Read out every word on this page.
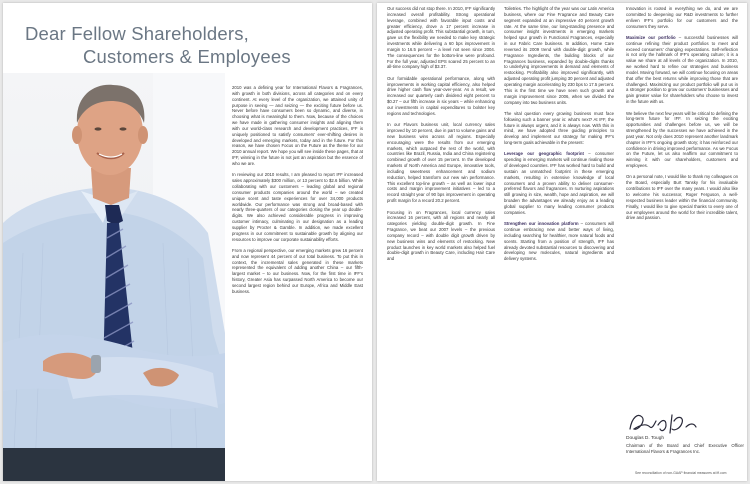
Dear Fellow Shareholders,
Customers & Employees

2010 was a defining year for International Flavors & Fragrances, with growth in both divisions, across all categories and on every continent. At every level of the organization, we attained unity of purpose in seeing — and seizing — the exciting future before us. Never before have consumers been so dynamic, and diverse, in choosing what is meaningful to them. Now, because of the choices we have made in gathering consumer insights and aligning them with our world-class research and development practices, IFF is uniquely positioned to satisfy consumers' ever-shifting desires in developed and emerging markets, today and in the future. For this reason, we have chosen Focus on the Future as the theme for our 2010 annual report. We hope you will see inside these pages, that at IFF, winning in the future is not just an aspiration but the essence of who we are.

In reviewing our 2010 results, I am pleased to report IFF increased sales approximately $300 million, or 13 percent to $2.6 billion. While collaborating with our customers – leading global and regional consumer products companies around the world – we created unique scent and taste experiences for over 34,000 products worldwide. Our performance was strong and broad-based with nearly three-quarters of our categories closing the year up double-digits. We also achieved considerable progress in improving customer intimacy, culminating in our designation as a leading supplier by Procter & Gamble. In addition, we made excellent progress in our commitment to sustainable growth by aligning our resources to improve our corporate sustainability efforts.

From a regional perspective, our emerging markets grew 16 percent and now represent 44 percent of our total business. To put this in context, the incremental sales generated in these markets represented the equivalent of adding another China – our fifth-largest market – to our business. Now, for the first time in IFF's history, Greater Asia has surpassed North America to become our second largest region behind our Europe, Africa and Middle East business.

Our success did not stop there. In 2010, IFF significantly increased overall profitability. Strong operational leverage, combined with favorable input costs and greater efficiency, drove a 17 percent increase in adjusted operating profit. This substantial growth, in turn, gave us the flexibility we needed to make key strategic investments while delivering a 60 bps improvement in margin to 16.5 percent – a level not seen since 2004. The consequences for the bottom-line were profound. For the full year, adjusted EPS soared 25 percent to an all-time company high of $3.37.

Our formidable operational performance, along with improvements in working capital efficiency, also helped drive higher cash flow year-over-year. As a result, we increased our quarterly cash dividend eight percent to $0.27 – our fifth increase in six years – while enhancing our investments in capital expenditures to bolster key regions and technologies.

In our Flavors business unit, local currency sales improved by 10 percent, due in part to volume gains and new business wins across all regions. Especially encouraging were the results from our emerging markets, which outpaced the rest of the world, with countries like Brazil, Russia, India and China registering combined growth of over 15 percent. In the developed markets of North America and Europe, innovative tools, including sweetness enhancement and sodium reduction, helped transform our new win performance. This excellent top-line growth – as well as lower input costs and margin improvement initiatives – led to a record straight year of 90 bps improvement in operating profit margin for a record 20.2 percent.

Focusing in on Fragrances, local currency sales increased 16 percent, with all regions and nearly all categories yielding double-digit growth. In Fine Fragrance, we beat our 2007 levels – the previous company record – with double digit growth driven by new business wins and elements of restocking. New product launches in key world markets also helped fuel double-digit growth in Beauty Care, including Hair Care and

Toiletries. The highlight of the year was our Latin America business, where our Fine Fragrance and Beauty Care segment expanded at an impressive 40 percent growth rate. At the same time, our long-standing presence and consumer insight investments in emerging markets helped spur growth in Functional Fragrances, especially in our Fabric Care business. In addition, Home Care reversed its 2009 trend with double-digit growth, while Fragrance Ingredients, the building blocks of our Fragrances business, expanded by double-digits thanks to underlying improvements in demand and elements of restocking. Profitability also improved significantly, with adjusted operating profit jumping 30 percent and adjusted operating margin accelerating by 230 bps to 17.5 percent. This is the first time we have seen such growth and margin improvement since 2006, when we divided the company into two business units.

The vital question every growing business must face following such a banner year is: what's next? At IFF, the future is always urgent, and it is always now. With this in mind, we have adopted three guiding principles to develop and implement our strategy for making IFF's long-term goals achievable in the present:

Leverage our geographic footprint – consumer spending in emerging markets will continue rivaling those of developed countries. IFF has worked hard to build and sustain an unmatched footprint in these emerging markets, resulting in extensive knowledge of local consumers and a proven ability to deliver consumer-preferred flavors and fragrances. In nurturing aspirations still growing in size, wealth, hope and aspiration, we will broaden the advantages we already enjoy as a leading global supplier to many leading consumer products companies.

Strengthen our innovation platform – consumers will continue embracing new and better ways of living, including searching for healthier, more natural foods and scents. Starting from a position of strength, IFF has already devoted substantial resources to discovering and developing new molecules, natural ingredients and delivery systems.

Innovation is rooted in everything we do, and we are committed to deepening our R&D investments to further enliven IFF's portfolio for our customers and the consumers they serve.

Maximize our portfolio – successful businesses will continue refining their product portfolios to meet and exceed consumers' changing expectations. Self-reflection is not only the hallmark of IFF's operating culture; it is a value we share at all levels of the organization. In 2010, we worked hard to refine our strategies and business model. Moving forward, we will continue focusing on areas that offer the best returns while improving those that are challenged. Maximizing our product portfolio will put us in a stronger position to grow our customers' businesses and gain greater value for shareholders who choose to invest in the future with us.

We believe the next few years will be critical to defining the long-term future for IFF. In seizing the exciting opportunities and challenges before us, we will be strengthened by the successes we have achieved in the past year. Not only does 2010 represent another landmark chapter in IFF's ongoing growth story; it has reinforced our confidence in driving improved performance. As we Focus on the Future, let us also reaffirm our commitment to winning it with our shareholders, customers and employees.

On a personal note, I would like to thank my colleagues on the Board, especially Burt Tansky for his invaluable contributions to IFF over the many years. I would also like to welcome his successor, Roger Ferguson, a well-respected business leader within the financial community. Finally, I would like to give special thanks to every one of our employees around the world for their incredible talent, drive and passion.

Douglas D. Tough

Chairman of the Board and Chief Executive Officer International Flavors & Fragrances Inc.

See reconciliation of non-GAAP financial measures at iff.com
